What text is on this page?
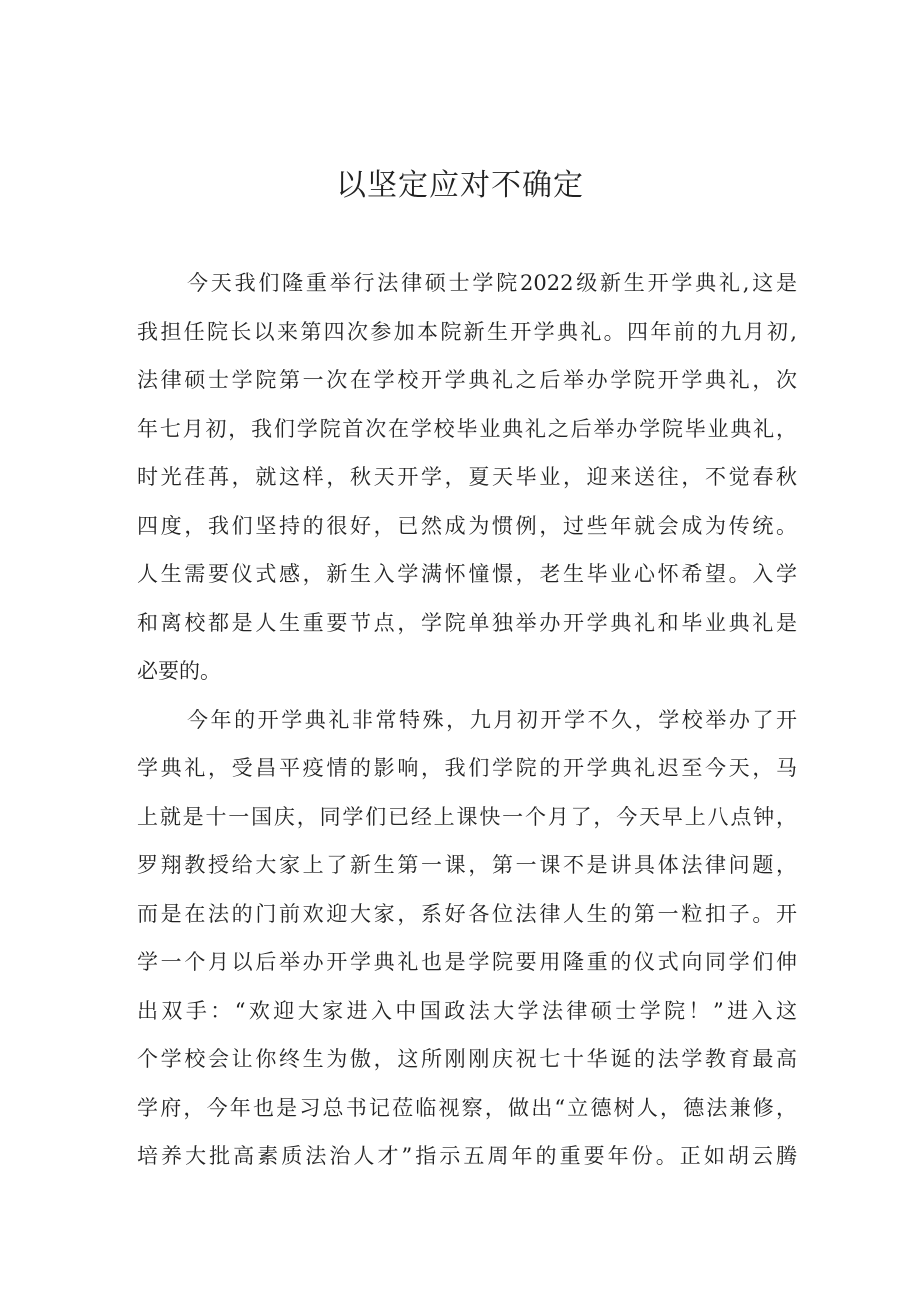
以坚定应对不确定
今天我们隆重举行法律硕士学院2022级新生开学典礼,这是
我担任院长以来第四次参加本院新生开学典礼。四年前的九月初,
法律硕士学院第一次在学校开学典礼之后举办学院开学典礼，次
年七月初，我们学院首次在学校毕业典礼之后举办学院毕业典礼，
时光荏苒，就这样，秋天开学，夏天毕业，迎来送往，不觉春秋
四度，我们坚持的很好，已然成为惯例，过些年就会成为传统。
人生需要仪式感，新生入学满怀憧憬，老生毕业心怀希望。入学
和离校都是人生重要节点，学院单独举办开学典礼和毕业典礼是
必要的。
今年的开学典礼非常特殊，九月初开学不久，学校举办了开
学典礼，受昌平疫情的影响，我们学院的开学典礼迟至今天，马
上就是十一国庆，同学们已经上课快一个月了，今天早上八点钟，
罗翔教授给大家上了新生第一课，第一课不是讲具体法律问题，
而是在法的门前欢迎大家，系好各位法律人生的第一粒扣子。开
学一个月以后举办开学典礼也是学院要用隆重的仪式向同学们伸
出双手：“欢迎大家进入中国政法大学法律硕士学院！”进入这
个学校会让你终生为傲，这所刚刚庆祝七十华诞的法学教育最高
学府，今年也是习总书记莅临视察，做出“立德树人，德法兼修，
培养大批高素质法治人才”指示五周年的重要年份。正如胡云腾
